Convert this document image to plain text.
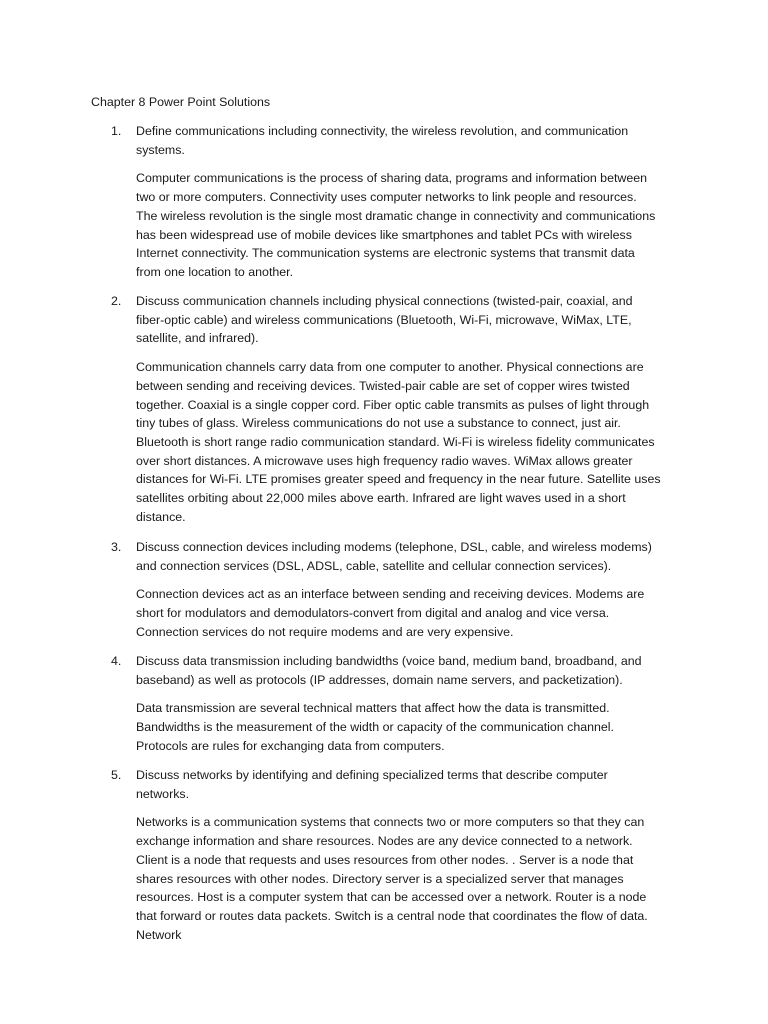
Chapter 8 Power Point Solutions
1. Define communications including connectivity, the wireless revolution, and communication systems.
Computer communications is the process of sharing data, programs and information between two or more computers. Connectivity uses computer networks to link people and resources. The wireless revolution is the single most dramatic change in connectivity and communications has been widespread use of mobile devices like smartphones and tablet PCs with wireless Internet connectivity. The communication systems are electronic systems that transmit data from one location to another.
2. Discuss communication channels including physical connections (twisted-pair, coaxial, and fiber-optic cable) and wireless communications (Bluetooth, Wi-Fi, microwave, WiMax, LTE, satellite, and infrared).
Communication channels carry data from one computer to another. Physical connections are between sending and receiving devices. Twisted-pair cable are set of copper wires twisted together. Coaxial is a single copper cord. Fiber optic cable transmits as pulses of light through tiny tubes of glass. Wireless communications do not use a substance to connect, just air. Bluetooth is short range radio communication standard. Wi-Fi is wireless fidelity communicates over short distances. A microwave uses high frequency radio waves. WiMax allows greater distances for Wi-Fi. LTE promises greater speed and frequency in the near future. Satellite uses satellites orbiting about 22,000 miles above earth. Infrared are light waves used in a short distance.
3. Discuss connection devices including modems (telephone, DSL, cable, and wireless modems) and connection services (DSL, ADSL, cable, satellite and cellular connection services).
Connection devices act as an interface between sending and receiving devices. Modems are short for modulators and demodulators-convert from digital and analog and vice versa. Connection services do not require modems and are very expensive.
4. Discuss data transmission including bandwidths (voice band, medium band, broadband, and baseband) as well as protocols (IP addresses, domain name servers, and packetization).
Data transmission are several technical matters that affect how the data is transmitted. Bandwidths is the measurement of the width or capacity of the communication channel. Protocols are rules for exchanging data from computers.
5. Discuss networks by identifying and defining specialized terms that describe computer networks.
Networks is a communication systems that connects two or more computers so that they can exchange information and share resources. Nodes are any device connected to a network. Client is a node that requests and uses resources from other nodes. . Server is a node that shares resources with other nodes. Directory server is a specialized server that manages resources. Host is a computer system that can be accessed over a network. Router is a node that forward or routes data packets. Switch is a central node that coordinates the flow of data. Network
